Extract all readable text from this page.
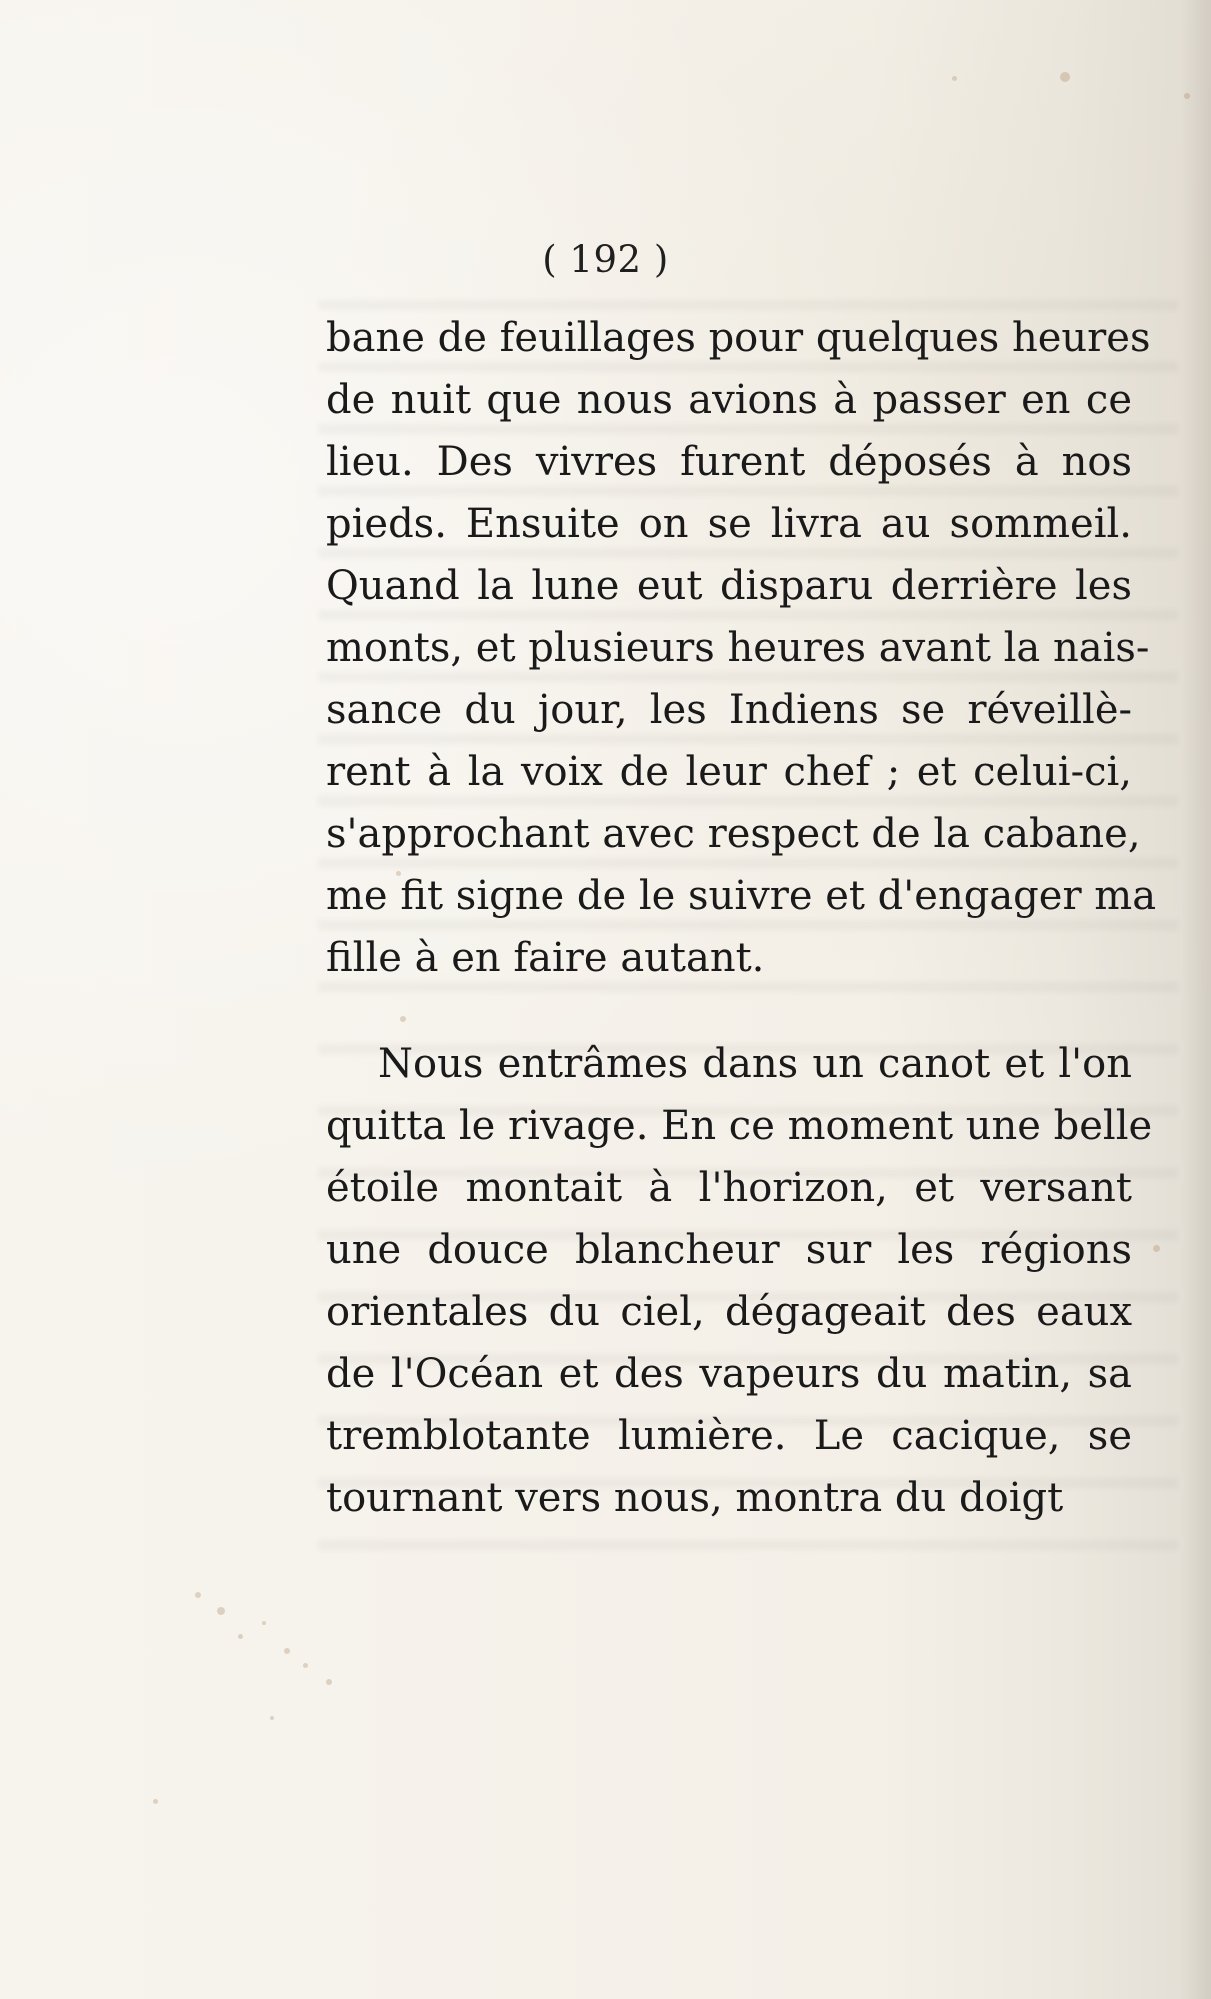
( 192 )
bane de feuillages pour quelques heures
de nuit que nous avions à passer en ce
lieu. Des vivres furent déposés à nos
pieds. Ensuite on se livra au sommeil.
Quand la lune eut disparu derrière les
monts, et plusieurs heures avant la nais-
sance du jour, les Indiens se réveillè-
rent à la voix de leur chef ; et celui-ci,
s'approchant avec respect de la cabane,
me fit signe de le suivre et d'engager ma
fille à en faire autant.
Nous entrâmes dans un canot et l'on
quitta le rivage. En ce moment une belle
étoile montait à l'horizon, et versant
une douce blancheur sur les régions
orientales du ciel, dégageait des eaux
de l'Océan et des vapeurs du matin, sa
tremblotante lumière. Le cacique, se
tournant vers nous, montra du doigt
